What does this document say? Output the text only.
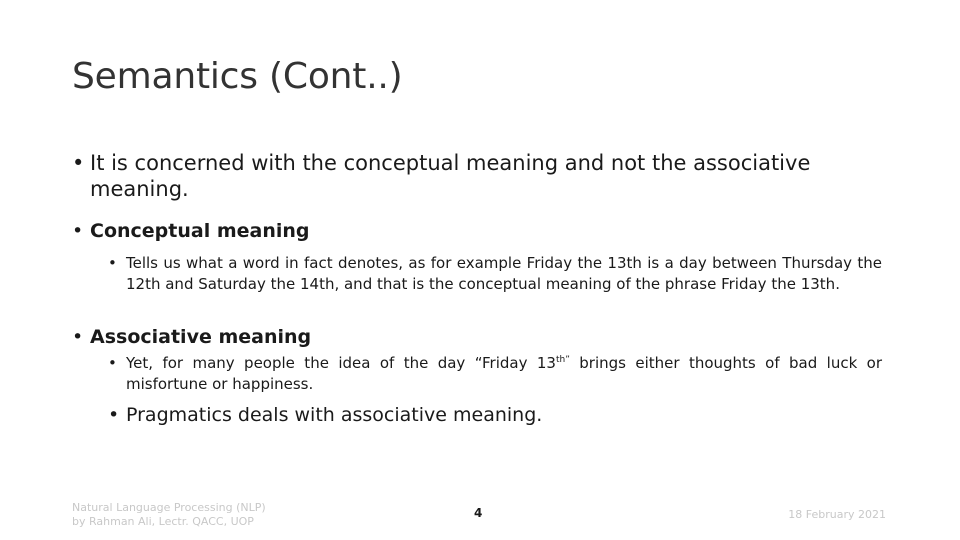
Semantics (Cont..)
• It is concerned with the conceptual meaning and not the associative meaning.
• Conceptual meaning
• Tells us what a word in fact denotes, as for example Friday the 13th is a day between Thursday the 12th and Saturday the 14th, and that is the conceptual meaning of the phrase Friday the 13th.
• Associative meaning
• Yet, for many people the idea of the day “Friday $13^{th”}$ brings either thoughts of bad luck or misfortune or happiness.
• Pragmatics deals with associative meaning.
Natural Language Processing (NLP)
by Rahman Ali, Lectr. QACC, UOP
4	18 February 2021
